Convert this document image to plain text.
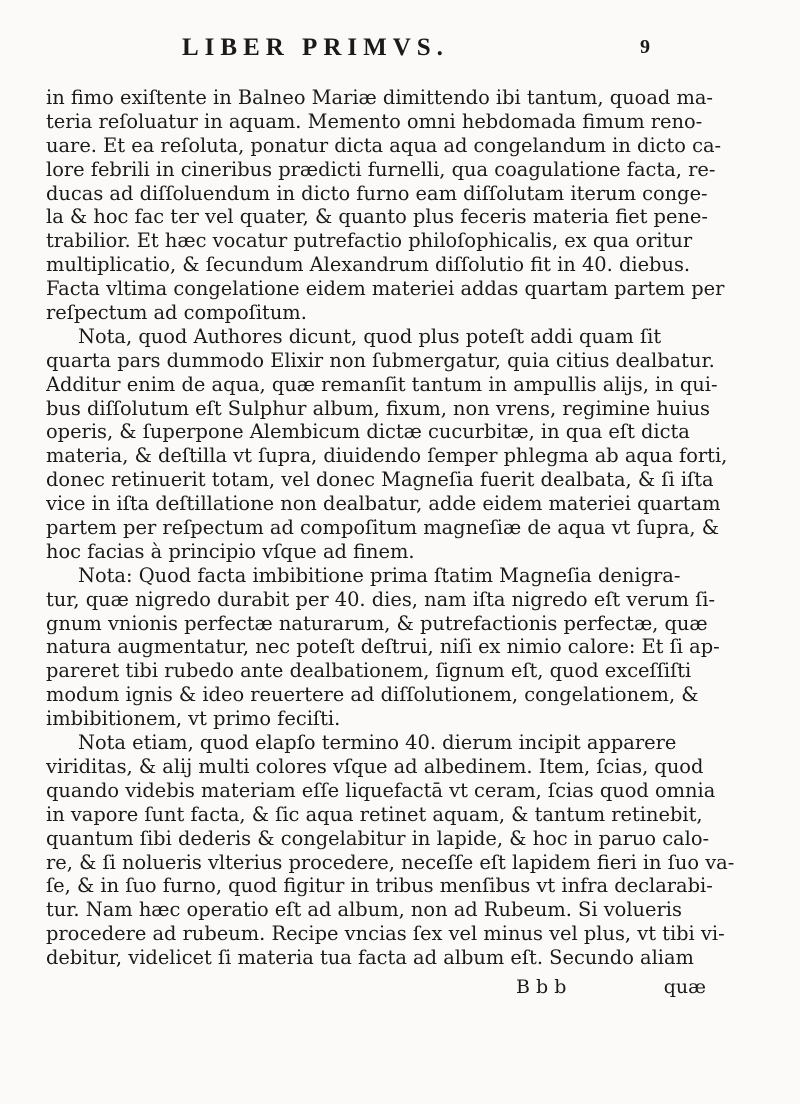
LIBER PRIMVS.	9
in fimo exiſtente in Balneo Mariæ dimittendo ibi tantum, quoad ma-
teria reſoluatur in aquam. Memento omni hebdomada fimum reno-
uare. Et ea reſoluta, ponatur dicta aqua ad congelandum in dicto ca-
lore febrili in cineribus prædicti furnelli, qua coagulatione facta, re-
ducas ad diſſoluendum in dicto furno eam diſſolutam iterum conge-
la & hoc fac ter vel quater, & quanto plus feceris materia fiet pene-
trabilior. Et hæc vocatur putrefactio philoſophicalis, ex qua oritur
multiplicatio, & ſecundum Alexandrum diſſolutio fit in 40. diebus.
Facta vltima congelatione eidem materiei addas quartam partem per
reſpectum ad compoſitum.
Nota, quod Authores dicunt, quod plus poteſt addi quam ſit
quarta pars dummodo Elixir non ſubmergatur, quia citius dealbatur.
Additur enim de aqua, quæ remanſit tantum in ampullis alijs, in qui-
bus diſſolutum eſt Sulphur album, fixum, non vrens, regimine huius
operis, & ſuperpone Alembicum dictæ cucurbitæ, in qua eſt dicta
materia, & deſtilla vt ſupra, diuidendo ſemper phlegma ab aqua forti,
donec retinuerit totam, vel donec Magneſia fuerit dealbata, & ſi iſta
vice in iſta deſtillatione non dealbatur, adde eidem materiei quartam
partem per reſpectum ad compoſitum magneſiæ de aqua vt ſupra, &
hoc facias à principio vſque ad finem.
Nota: Quod facta imbibitione prima ſtatim Magneſia denigra-
tur, quæ nigredo durabit per 40. dies, nam iſta nigredo eſt verum ſi-
gnum vnionis perfectæ naturarum, & putrefactionis perfectæ, quæ
natura augmentatur, nec poteſt deſtrui, niſi ex nimio calore: Et ſi ap-
pareret tibi rubedo ante dealbationem, ſignum eſt, quod exceſſiſti
modum ignis & ideo reuertere ad diſſolutionem, congelationem, &
imbibitionem, vt primo feciſti.
Nota etiam, quod elapſo termino 40. dierum incipit apparere
viriditas, & alij multi colores vſque ad albedinem. Item, ſcias, quod
quando videbis materiam eſſe liquefactā vt ceram, ſcias quod omnia
in vapore ſunt facta, & ſic aqua retinet aquam, & tantum retinebit,
quantum ſibi dederis & congelabitur in lapide, & hoc in paruo calo-
re, & ſi nolueris vlterius procedere, neceſſe eſt lapidem fieri in ſuo va-
ſe, & in ſuo furno, quod figitur in tribus menſibus vt infra declarabi-
tur. Nam hæc operatio eſt ad album, non ad Rubeum. Si volueris
procedere ad rubeum. Recipe vncias ſex vel minus vel plus, vt tibi vi-
debitur, videlicet ſi materia tua facta ad album eſt. Secundo aliam
B b b	quæ
